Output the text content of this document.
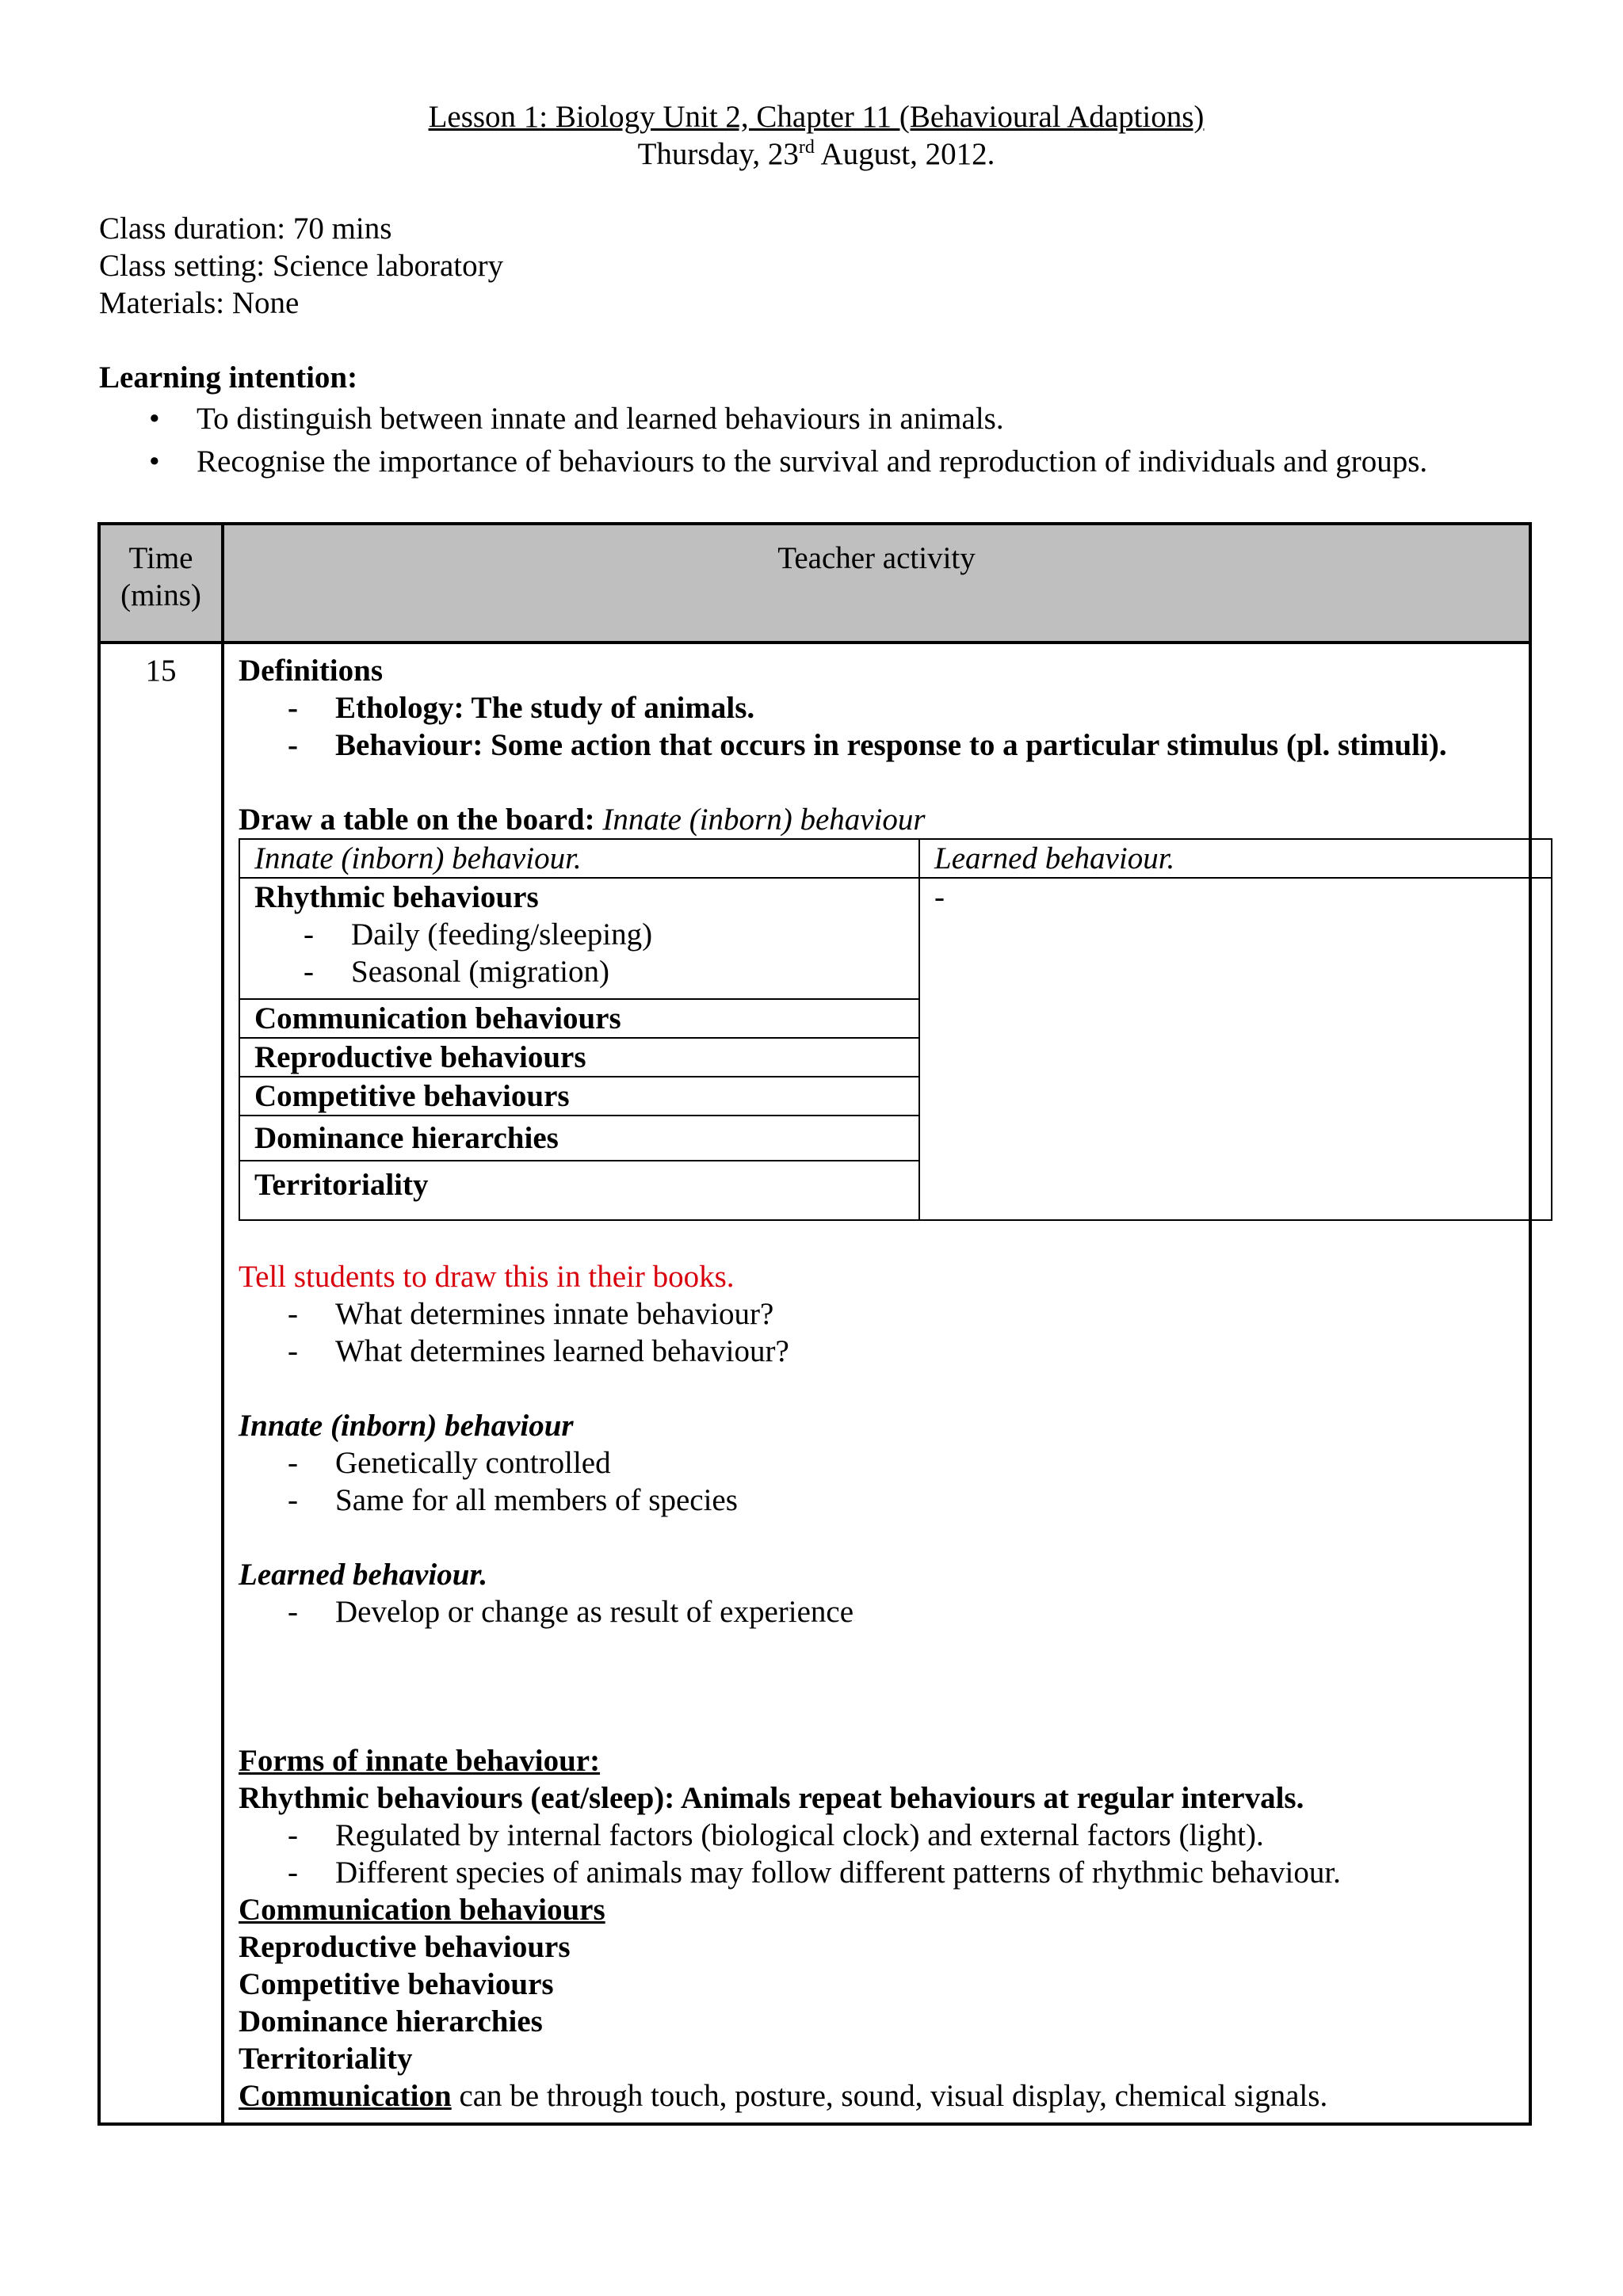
Lesson 1: Biology Unit 2, Chapter 11 (Behavioural Adaptions)
Thursday, 23rd August, 2012.
Class duration: 70 mins
Class setting: Science laboratory
Materials: None
Learning intention:
• To distinguish between innate and learned behaviours in animals.
• Recognise the importance of behaviours to the survival and reproduction of individuals and groups.
Time (mins)	Teacher activity
15	Definitions
- Ethology: The study of animals.
- Behaviour: Some action that occurs in response to a particular stimulus (pl. stimuli).
Draw a table on the board: Innate (inborn) behaviour
Innate (inborn) behaviour.	Learned behaviour.

Rhythmic behaviours
- Daily (feeding/sleeping)
- Seasonal (migration)
	-
Communication behaviours
Reproductive behaviours
Competitive behaviours
Dominance hierarchies
Territoriality
Tell students to draw this in their books.
- What determines innate behaviour?
- What determines learned behaviour?
Innate (inborn) behaviour
- Genetically controlled
- Same for all members of species
Learned behaviour.
- Develop or change as result of experience
Forms of innate behaviour:
Rhythmic behaviours (eat/sleep): Animals repeat behaviours at regular intervals.
- Regulated by internal factors (biological clock) and external factors (light).
- Different species of animals may follow different patterns of rhythmic behaviour.
Communication behaviours
Reproductive behaviours
Competitive behaviours
Dominance hierarchies
Territoriality
Communication can be through touch, posture, sound, visual display, chemical signals.
